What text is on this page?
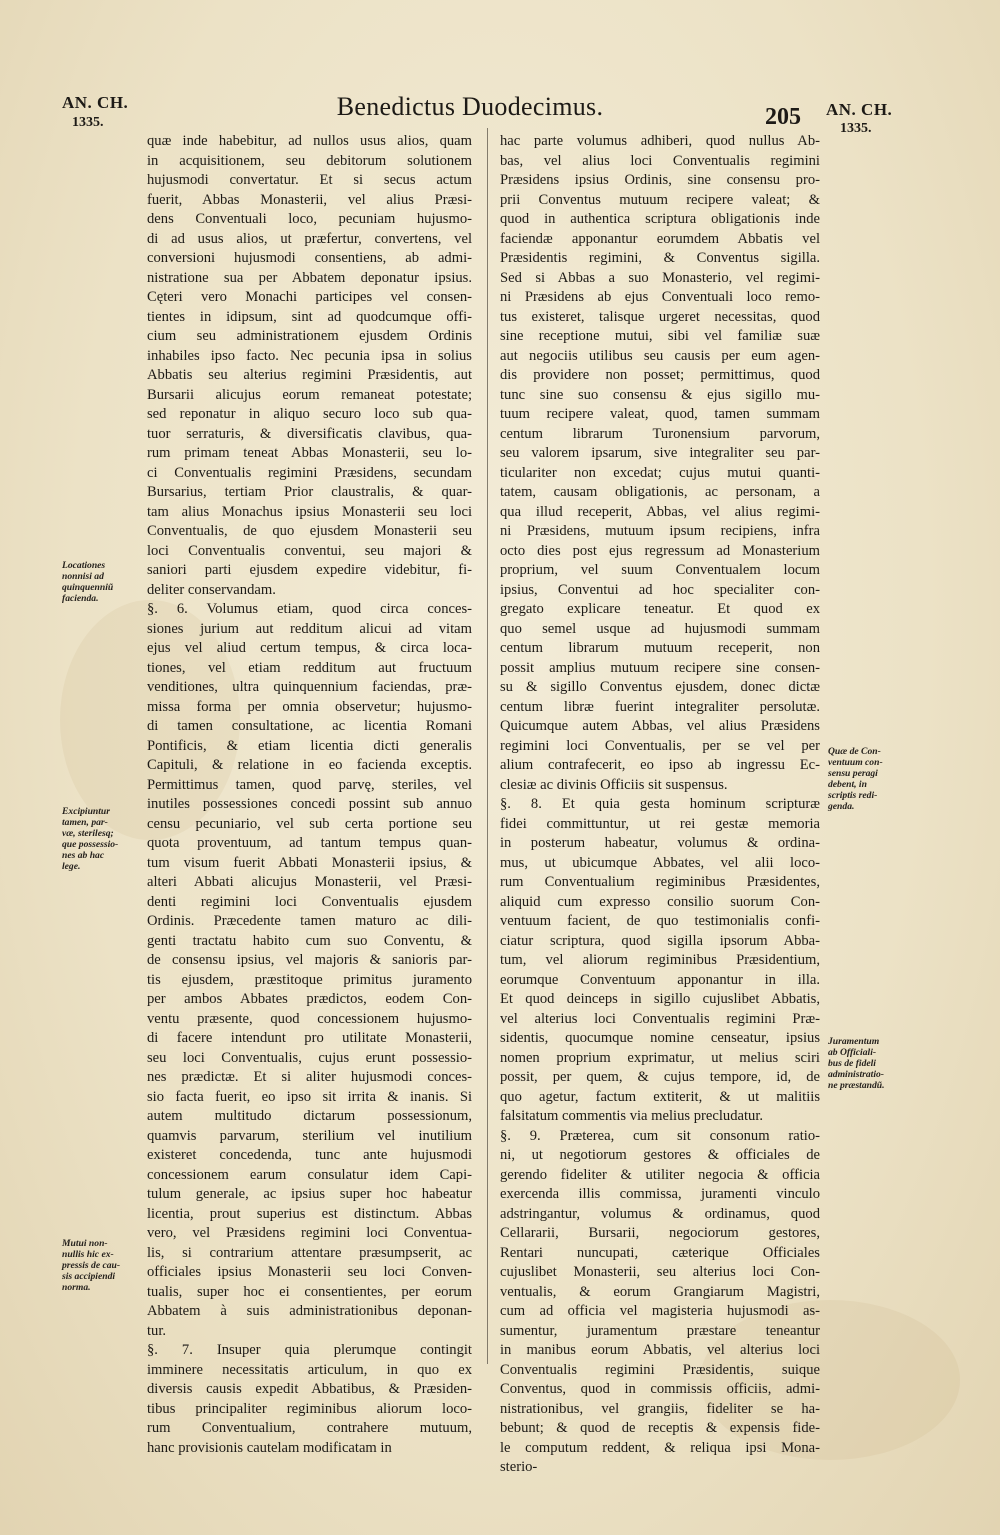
AN. CH.
1335.
Benedictus Duodecimus.	205 AN. CH.
1335.
quæ inde habebitur, ad nullos usus alios, quam
in acquisitionem, seu debitorum solutionem
hujusmodi convertatur. Et si secus actum
fuerit, Abbas Monasterii, vel alius Præsi-
dens Conventuali loco, pecuniam hujusmo-
di ad usus alios, ut præfertur, convertens, vel
conversioni hujusmodi consentiens, ab admi-
nistratione sua per Abbatem deponatur ipsius.
Cęteri vero Monachi participes vel consen-
tientes in idipsum, sint ad quodcumque offi-
cium seu administrationem ejusdem Ordinis
inhabiles ipso facto. Nec pecunia ipsa in solius
Abbatis seu alterius regimini Præsidentis, aut
Bursarii alicujus eorum remaneat potestate;
sed reponatur in aliquo securo loco sub qua-
tuor serraturis, & diversificatis clavibus, qua-
rum primam teneat Abbas Monasterii, seu lo-
ci Conventualis regimini Præsidens, secundam
Bursarius, tertiam Prior claustralis, & quar-
tam alius Monachus ipsius Monasterii seu loci
Conventualis, de quo ejusdem Monasterii seu
loci Conventualis conventui, seu majori &
saniori parti ejusdem expedire videbitur, fi-
deliter conservandam.
§. 6. Volumus etiam, quod circa conces-
siones jurium aut redditum alicui ad vitam
ejus vel aliud certum tempus, & circa loca-
tiones, vel etiam redditum aut fructuum
venditiones, ultra quinquennium faciendas, præ-
missa forma per omnia observetur; hujusmo-
di tamen consultatione, ac licentia Romani
Pontificis, & etiam licentia dicti generalis
Capituli, & relatione in eo facienda exceptis.
Permittimus tamen, quod parvę, steriles, vel
inutiles possessiones concedi possint sub annuo
censu pecuniario, vel sub certa portione seu
quota proventuum, ad tantum tempus quan-
tum visum fuerit Abbati Monasterii ipsius, &
alteri Abbati alicujus Monasterii, vel Præsi-
denti regimini loci Conventualis ejusdem
Ordinis. Præcedente tamen maturo ac dili-
genti tractatu habito cum suo Conventu, &
de consensu ipsius, vel majoris & sanioris par-
tis ejusdem, præstitoque primitus juramento
per ambos Abbates prædictos, eodem Con-
ventu præsente, quod concessionem hujusmo-
di facere intendunt pro utilitate Monasterii,
seu loci Conventualis, cujus erunt possessio-
nes prædictæ. Et si aliter hujusmodi conces-
sio facta fuerit, eo ipso sit irrita & inanis. Si
autem multitudo dictarum possessionum,
quamvis parvarum, sterilium vel inutilium
existeret concedenda, tunc ante hujusmodi
concessionem earum consulatur idem Capi-
tulum generale, ac ipsius super hoc habeatur
licentia, prout superius est distinctum. Abbas
vero, vel Præsidens regimini loci Conventua-
lis, si contrarium attentare præsumpserit, ac
officiales ipsius Monasterii seu loci Conven-
tualis, super hoc ei consentientes, per eorum
Abbatem à suis administrationibus deponan-
tur.
§. 7. Insuper quia plerumque contingit
imminere necessitatis articulum, in quo ex
diversis causis expedit Abbatibus, & Præsiden-
tibus principaliter regiminibus aliorum loco-
rum Conventualium, contrahere mutuum,
hanc provisionis cautelam modificatam in
hac parte volumus adhiberi, quod nullus Ab-
bas, vel alius loci Conventualis regimini
Præsidens ipsius Ordinis, sine consensu pro-
prii Conventus mutuum recipere valeat; &
quod in authentica scriptura obligationis inde
faciendæ apponantur eorumdem Abbatis vel
Præsidentis regimini, & Conventus sigilla.
Sed si Abbas a suo Monasterio, vel regimi-
ni Præsidens ab ejus Conventuali loco remo-
tus existeret, talisque urgeret necessitas, quod
sine receptione mutui, sibi vel familiæ suæ
aut negociis utilibus seu causis per eum agen-
dis providere non posset; permittimus, quod
tunc sine suo consensu & ejus sigillo mu-
tuum recipere valeat, quod, tamen summam
centum librarum Turonensium parvorum,
seu valorem ipsarum, sive integraliter seu par-
ticulariter non excedat; cujus mutui quanti-
tatem, causam obligationis, ac personam, a
qua illud receperit, Abbas, vel alius regimi-
ni Præsidens, mutuum ipsum recipiens, infra
octo dies post ejus regressum ad Monasterium
proprium, vel suum Conventualem locum
ipsius, Conventui ad hoc specialiter con-
gregato explicare teneatur. Et quod ex
quo semel usque ad hujusmodi summam
centum librarum mutuum receperit, non
possit amplius mutuum recipere sine consen-
su & sigillo Conventus ejusdem, donec dictæ
centum libræ fuerint integraliter persolutæ.
Quicumque autem Abbas, vel alius Præsidens
regimini loci Conventualis, per se vel per
alium contrafecerit, eo ipso ab ingressu Ec-
clesiæ ac divinis Officiis sit suspensus.
§. 8. Et quia gesta hominum scripturæ
fidei committuntur, ut rei gestæ memoria
in posterum habeatur, volumus & ordina-
mus, ut ubicumque Abbates, vel alii loco-
rum Conventualium regiminibus Præsidentes,
aliquid cum expresso consilio suorum Con-
ventuum facient, de quo testimonialis confi-
ciatur scriptura, quod sigilla ipsorum Abba-
tum, vel aliorum regiminibus Præsidentium,
eorumque Conventuum apponantur in illa.
Et quod deinceps in sigillo cujuslibet Abbatis,
vel alterius loci Conventualis regimini Præ-
sidentis, quocumque nomine censeatur, ipsius
nomen proprium exprimatur, ut melius sciri
possit, per quem, & cujus tempore, id, de
quo agetur, factum extiterit, & ut malitiis
falsitatum commentis via melius precludatur.
§. 9. Præterea, cum sit consonum ratio-
ni, ut negotiorum gestores & officiales de
gerendo fideliter & utiliter negocia & officia
exercenda illis commissa, juramenti vinculo
adstringantur, volumus & ordinamus, quod
Cellararii, Bursarii, negociorum gestores,
Rentari nuncupati, cæterique Officiales
cujuslibet Monasterii, seu alterius loci Con-
ventualis, & eorum Grangiarum Magistri,
cum ad officia vel magisteria hujusmodi as-
sumentur, juramentum præstare teneantur
in manibus eorum Abbatis, vel alterius loci
Conventualis regimini Præsidentis, suique
Conventus, quod in commissis officiis, admi-
nistrationibus, vel grangiis, fideliter se ha-
bebunt; & quod de receptis & expensis fide-
le computum reddent, & reliqua ipsi Mona-
sterio-
Locationes
nonnisi ad
quinquenniũ
facienda.
Excipiuntur
tamen, par-
væ, sterilesq;
que possessio-
nes ab hac
lege.
Mutui non-
nullis hic ex-
pressis de cau-
sis accipiendi
norma.
Quæ de Con-
ventuum con-
sensu peragi
debent, in
scriptis redi-
genda.
Juramentum
ab Officiali-
bus de fideli
administratio-
ne præstandũ.
